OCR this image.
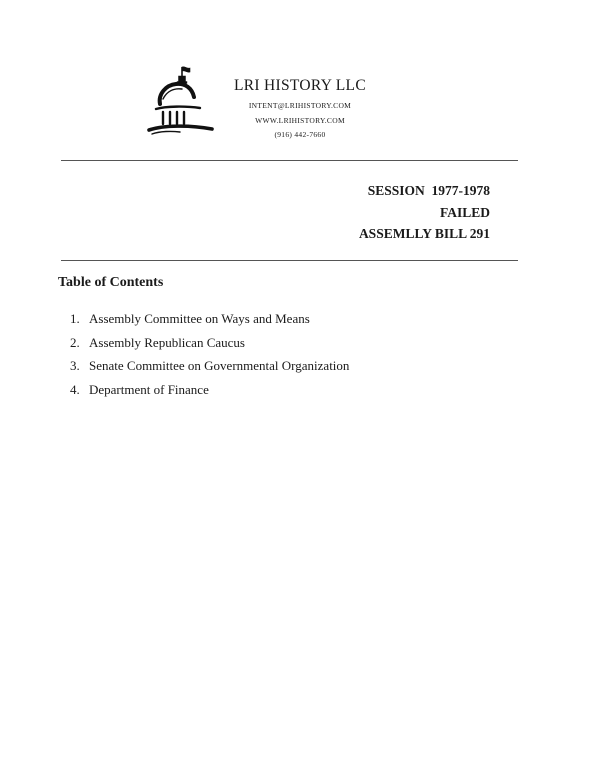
LRI HISTORY LLC
INTENT@LRIHISTORY.COM
WWW.LRIHISTORY.COM
(916) 442-7660
SESSION  1977-1978
FAILED
ASSEMLLY BILL 291
Table of Contents
1. Assembly Committee on Ways and Means
2. Assembly Republican Caucus
3. Senate Committee on Governmental Organization
4. Department of Finance
